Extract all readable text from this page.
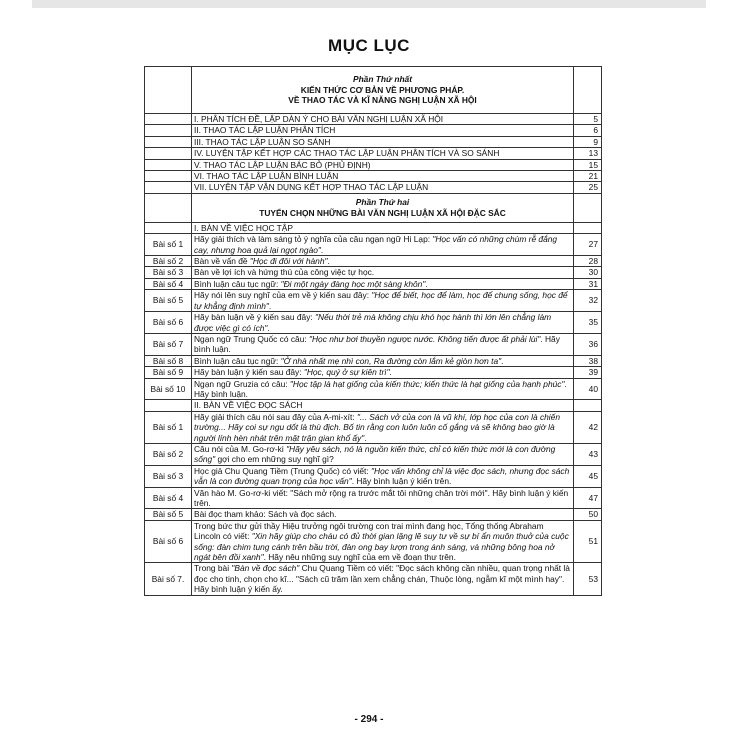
MỤC LỤC

	Phần Thứ nhất
KIẾN THỨC CƠ BẢN VỀ PHƯƠNG PHÁP.
VỀ THAO TÁC VÀ KĨ NĂNG NGHỊ LUẬN XÃ HỘI	

	I. PHÂN TÍCH ĐỀ, LẬP DÀN Ý CHO BÀI VĂN NGHỊ LUẬN XÃ HỘI	5
	II. THAO TÁC LẬP LUẬN PHÂN TÍCH	6
	III. THAO TÁC LẬP LUẬN SO SÁNH	9
	IV. LUYỆN TẬP KẾT HỢP CÁC THAO TÁC LẬP LUẬN PHÂN TÍCH VÀ SO SÁNH	13
	V. THAO TÁC LẬP LUẬN BÁC BỎ (PHỦ ĐỊNH)	15
	VI. THAO TÁC LẬP LUẬN BÌNH LUẬN	21
	VII. LUYỆN TẬP VẬN DỤNG KẾT HỢP THAO TÁC LẬP LUẬN	25

	Phần Thứ hai
TUYỂN CHỌN NHỮNG BÀI VĂN NGHỊ LUẬN XÃ HỘI ĐẶC SẮC	

	I. BÀN VỀ VIỆC HỌC TẬP	
Bài số 1	Hãy giải thích và làm sáng tỏ ý nghĩa của câu ngạn ngữ Hi Lạp: "Học vấn có những chùm rễ đắng cay, nhưng hoa quả lại ngọt ngào".	27
Bài số 2	Bàn về vấn đề "Học đi đôi với hành".	28
Bài số 3	Bàn về lợi ích và hứng thú của công việc tự học.	30
Bài số 4	Bình luận câu tục ngữ: "Đi một ngày đàng học một sàng khôn".	31
Bài số 5	Hãy nói lên suy nghĩ của em về ý kiến sau đây: "Học để biết, học để làm, học để chung sống, học để tự khẳng định mình".	32
Bài số 6	Hãy bàn luận về ý kiến sau đây: "Nếu thời trẻ mà không chịu khó học hành thì lớn lên chẳng làm được việc gì có ích".	35
Bài số 7	Ngạn ngữ Trung Quốc có câu: "Học như bơi thuyền ngược nước. Không tiến được ất phải lùi". Hãy bình luận.	36
Bài số 8	Bình luận câu tục ngữ: "Ở nhà nhất mẹ nhì con, Ra đường còn lắm kẻ giòn hơn ta".	38
Bài số 9	Hãy bàn luận ý kiến sau đây: "Học, quý ở sự kiên trì".	39
Bài số 10	Ngạn ngữ Gruzia có câu: "Học tập là hạt giống của kiến thức; kiến thức là hạt giống của hạnh phúc". Hãy bình luận.	40
	II. BÀN VỀ VIỆC ĐỌC SÁCH	
Bài số 1	Hãy giải thích câu nói sau đây của A-mi-xít: "... Sách vở của con là vũ khí, lớp học của con là chiến trường... Hãy coi sự ngu dốt là thù địch. Bố tin rằng con luôn luôn cố gắng và sẽ không bao giờ là người lính hèn nhát trên mặt trận gian khổ ấy".	42
Bài số 2	Câu nói của M. Go-rơ-ki "Hãy yêu sách, nó là nguồn kiến thức, chỉ có kiến thức mới là con đường sống" gợi cho em những suy nghĩ gì?	43
Bài số 3	Học giả Chu Quang Tiềm (Trung Quốc) có viết: "Học vấn không chỉ là việc đọc sách, nhưng đọc sách vẫn là con đường quan trọng của học vấn". Hãy bình luận ý kiến trên.	45
Bài số 4	Văn hào M. Go-rơ-ki viết: "Sách mở rộng ra trước mắt tôi những chân trời mới". Hãy bình luận ý kiến trên.	47
Bài số 5	Bài đọc tham khảo: Sách và đọc sách.	50
Bài số 6	Trong bức thư gửi thầy Hiệu trưởng ngôi trường con trai mình đang học, Tổng thống Abraham Lincoln có viết: "Xin hãy giúp cho cháu có đủ thời gian lặng lẽ suy tư về sự bí ẩn muôn thuở của cuộc sống: đàn chim tung cánh trên bầu trời, đàn ong bay lượn trong ánh sáng, và những bông hoa nở ngát bên đồi xanh". Hãy nêu những suy nghĩ của em về đoạn thư trên.	51
Bài số 7.	Trong bài "Bàn về đọc sách" Chu Quang Tiềm có viết: "Đọc sách không cần nhiều, quan trọng nhất là đọc cho tinh, chọn cho kĩ... "Sách cũ trăm lần xem chẳng chán, Thuộc lòng, ngẫm kĩ một mình hay". Hãy bình luận ý kiến ấy.	53
- 294 -
